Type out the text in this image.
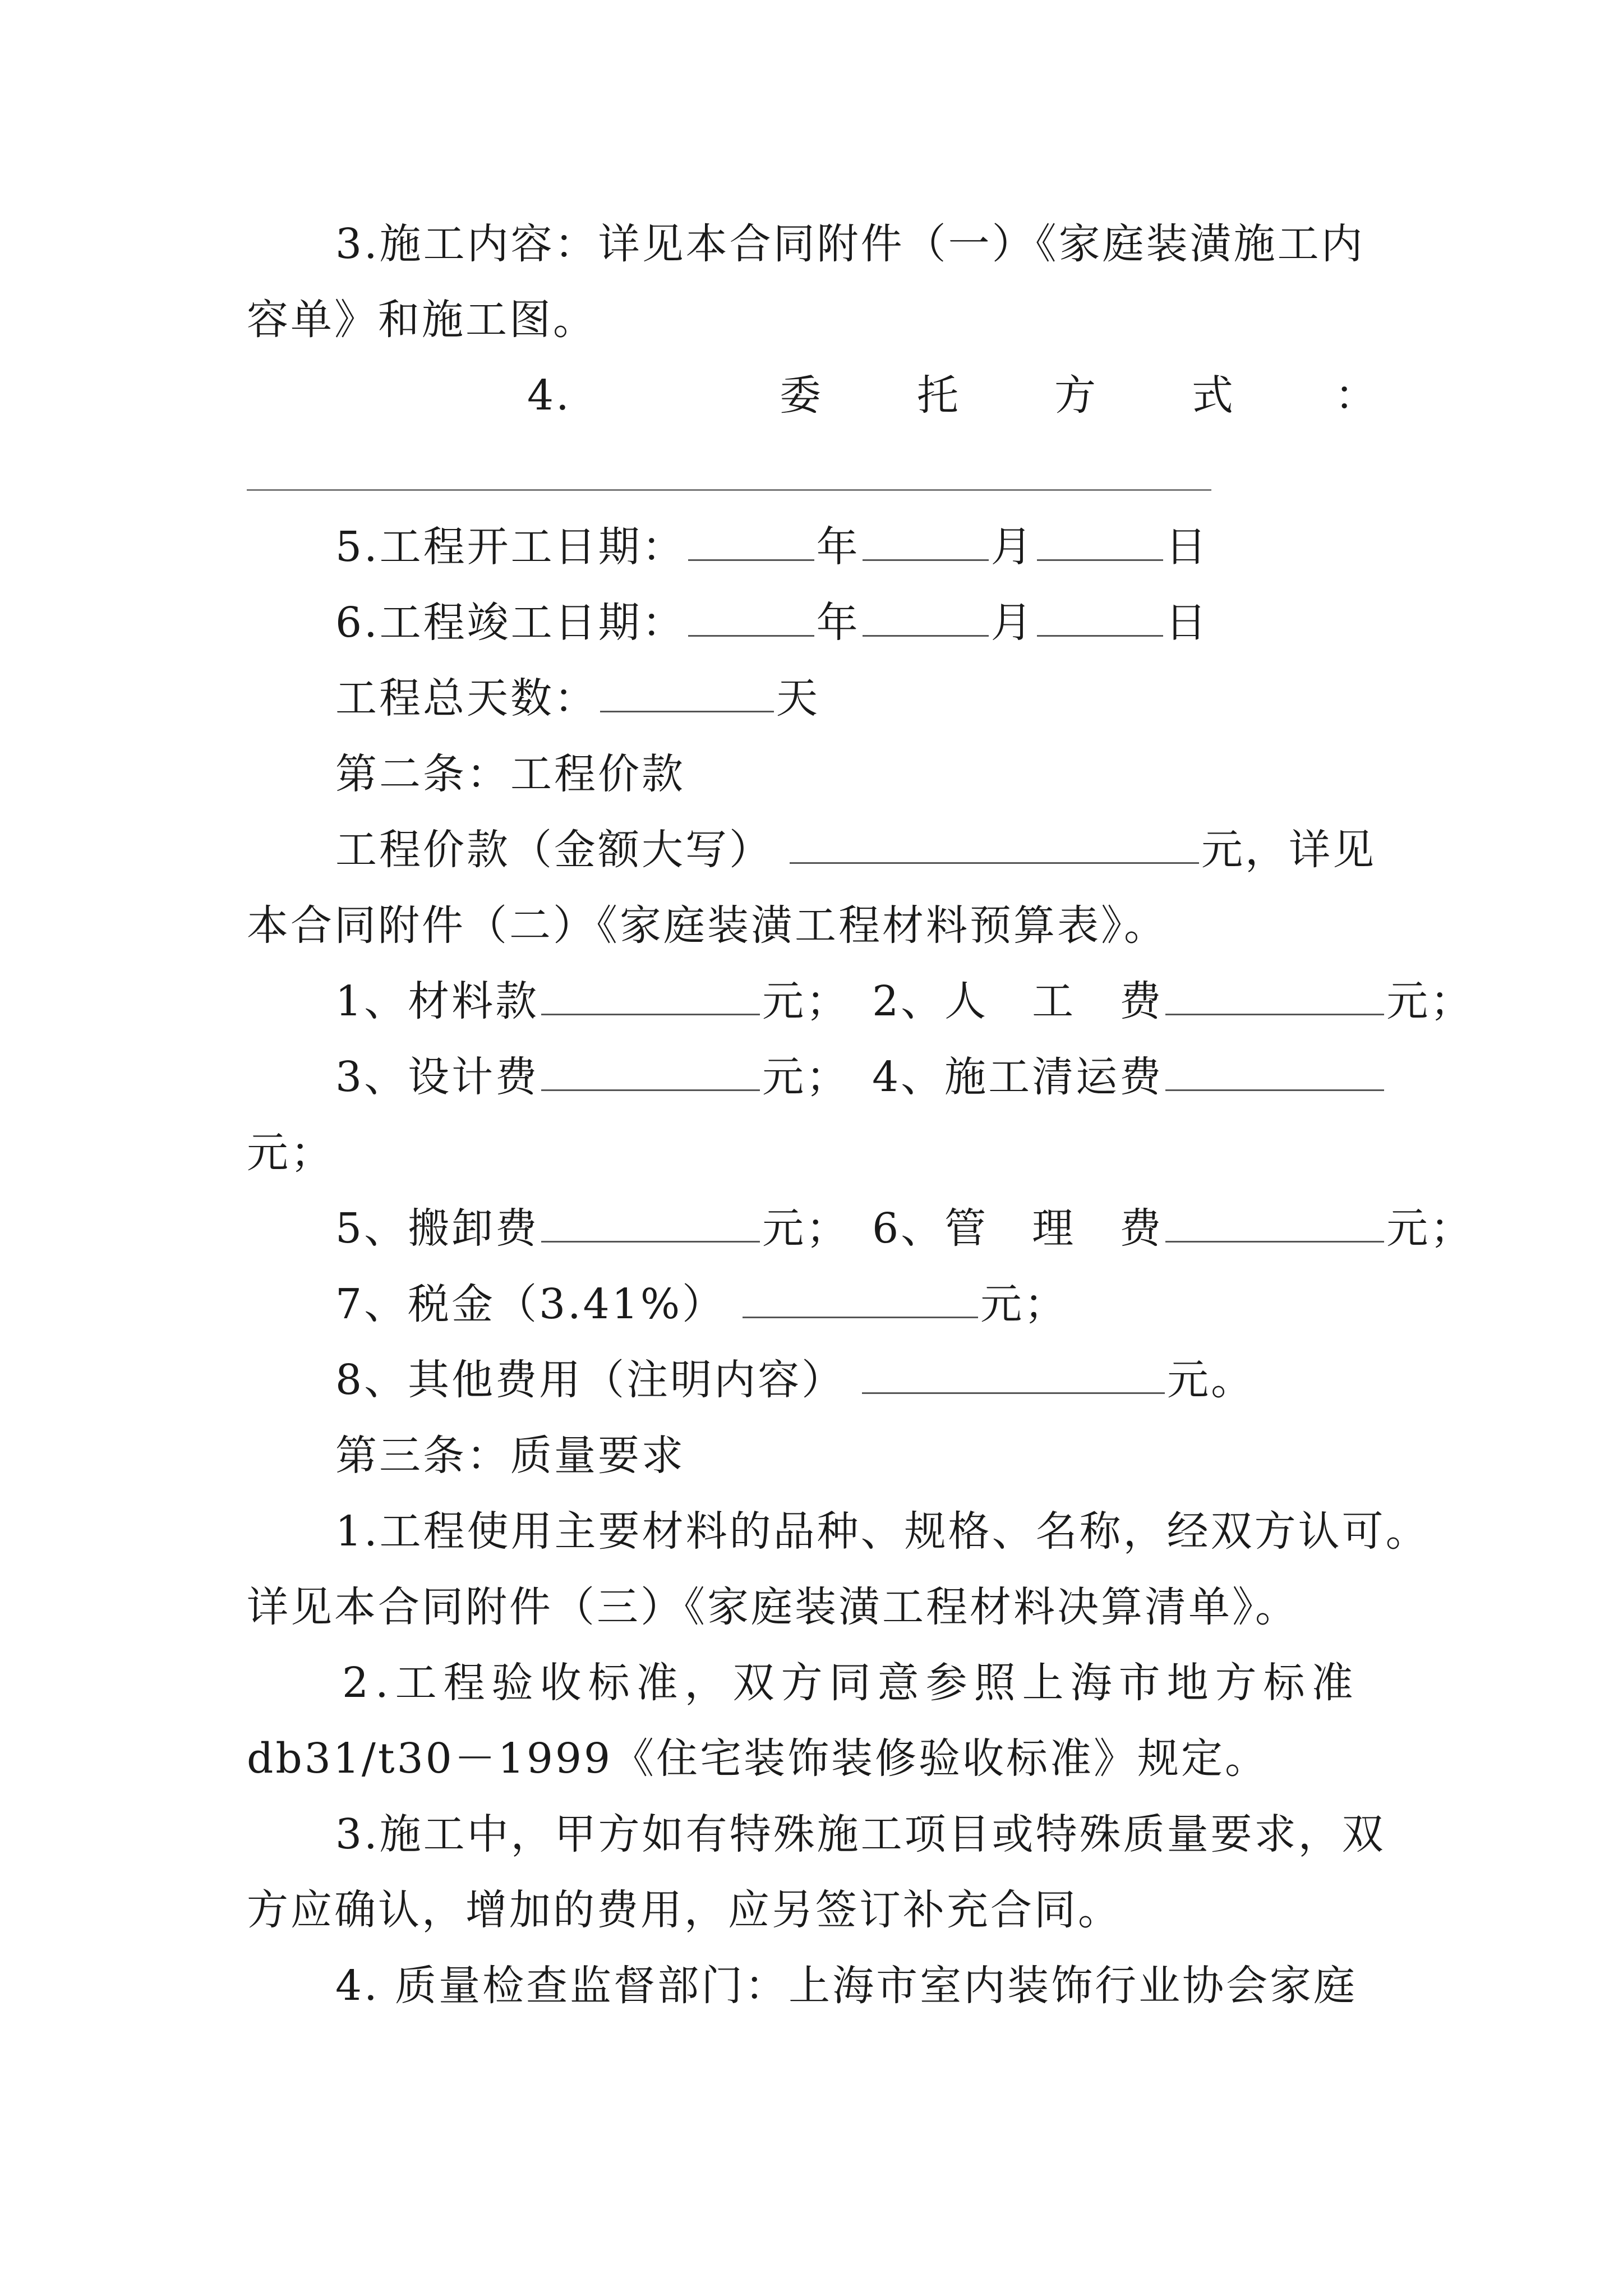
3.施工内容：详见本合同附件（一）《家庭装潢施工内
容单》和施工图。
4.	委 托 方 式 ：
5.工程开工日期：	年	月	日
6.工程竣工日期：	年	月	日
工程总天数：	天
第二条：工程价款
工程价款（金额大写）	元，详见
本合同附件（二）《家庭装潢工程材料预算表》。
1、材料款	元； 2、人　工　费	元；
3、设计费	元； 4、施工清运费
元；
5、搬卸费	元； 6、管　理　费	元；
7、税金（3.41%）	元；
8、其他费用（注明内容）	元。
第三条：质量要求
1.工程使用主要材料的品种、规格、名称，经双方认可。
详见本合同附件（三）《家庭装潢工程材料决算清单》。
2.工程验收标准，双方同意参照上海市地方标准
db31/t30－1999《住宅装饰装修验收标准》规定。
3.施工中，甲方如有特殊施工项目或特殊质量要求，双
方应确认，增加的费用，应另签订补充合同。
4. 质量检查监督部门：上海市室内装饰行业协会家庭
